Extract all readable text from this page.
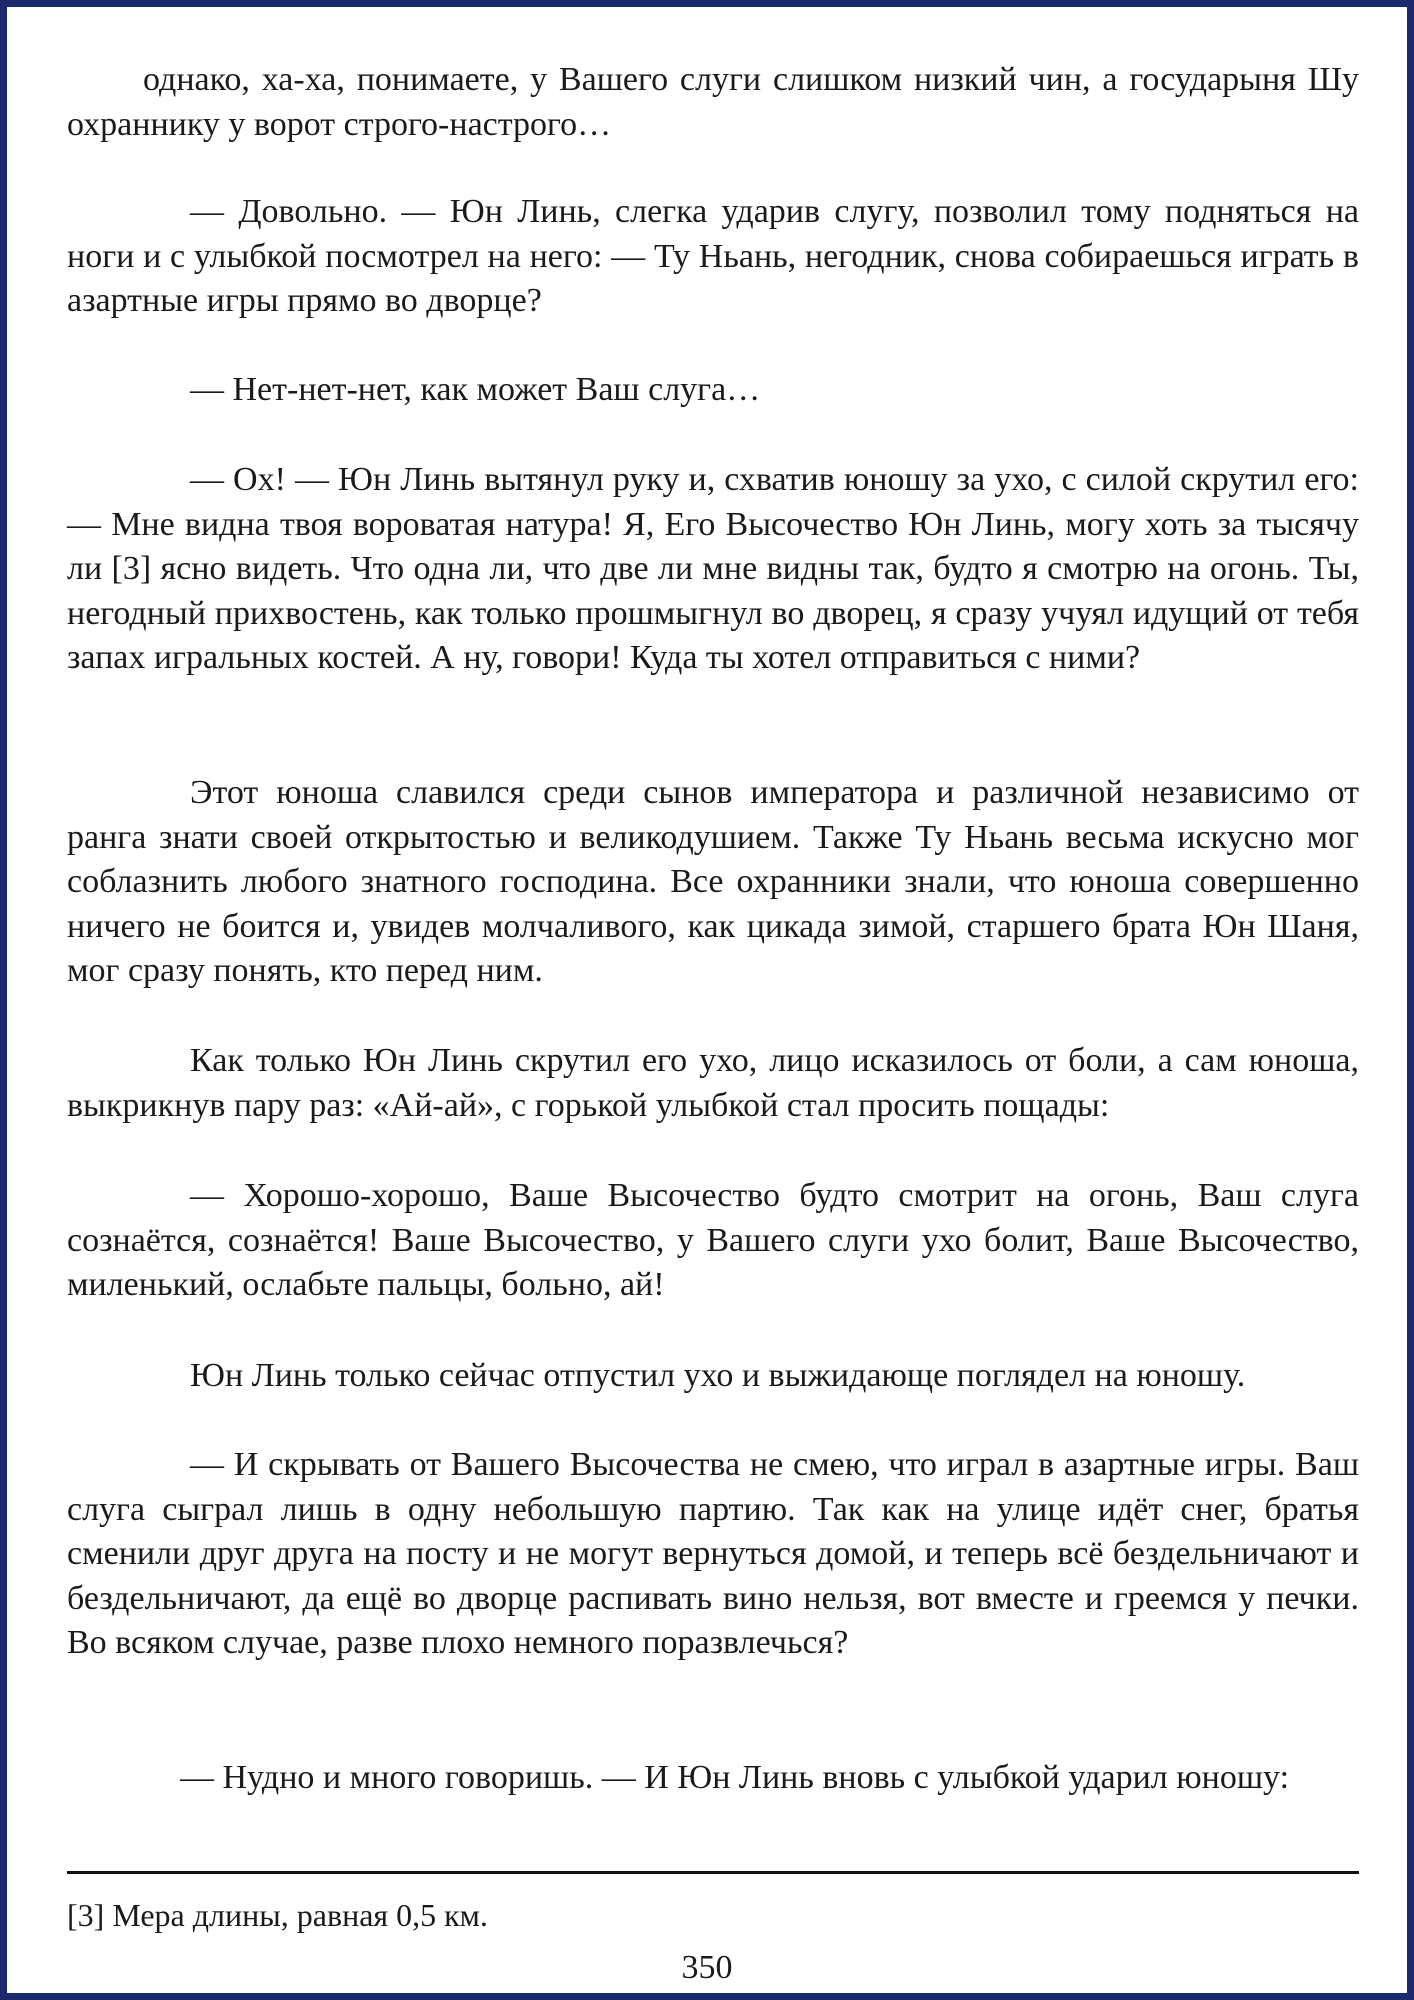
однако, ха-ха, понимаете, у Вашего слуги слишком низкий чин, а государыня Шу охраннику у ворот строго-настрого…

— Довольно. — Юн Линь, слегка ударив слугу, позволил тому подняться на ноги и с улыбкой посмотрел на него: — Ту Ньань, негодник, снова собираешься играть в азартные игры прямо во дворце?

— Нет-нет-нет, как может Ваш слуга…

— Ох! — Юн Линь вытянул руку и, схватив юношу за ухо, с силой скрутил его: — Мне видна твоя вороватая натура! Я, Его Высочество Юн Линь, могу хоть за тысячу ли [3] ясно видеть. Что одна ли, что две ли мне видны так, будто я смотрю на огонь. Ты, негодный прихвостень, как только прошмыгнул во дворец, я сразу учуял идущий от тебя запах игральных костей. А ну, говори! Куда ты хотел отправиться с ними?

Этот юноша славился среди сынов императора и различной независимо от ранга знати своей открытостью и великодушием. Также Ту Ньань весьма искусно мог соблазнить любого знатного господина. Все охранники знали, что юноша совершенно ничего не боится и, увидев молчаливого, как цикада зимой, старшего брата Юн Шаня, мог сразу понять, кто перед ним.

Как только Юн Линь скрутил его ухо, лицо исказилось от боли, а сам юноша, выкрикнув пару раз: «Ай-ай», с горькой улыбкой стал просить пощады:

— Хорошо-хорошо, Ваше Высочество будто смотрит на огонь, Ваш слуга сознаётся, сознаётся! Ваше Высочество, у Вашего слуги ухо болит, Ваше Высочество, миленький, ослабьте пальцы, больно, ай!

Юн Линь только сейчас отпустил ухо и выжидающе поглядел на юношу.

— И скрывать от Вашего Высочества не смею, что играл в азартные игры. Ваш слуга сыграл лишь в одну небольшую партию. Так как на улице идёт снег, братья сменили друг друга на посту и не могут вернуться домой, и теперь всё бездельничают и бездельничают, да ещё во дворце распивать вино нельзя, вот вместе и греемся у печки. Во всяком случае, разве плохо немного поразвлечься?

— Нудно и много говоришь. — И Юн Линь вновь с улыбкой ударил юношу:

[3] Мера длины, равная 0,5 км.

350
